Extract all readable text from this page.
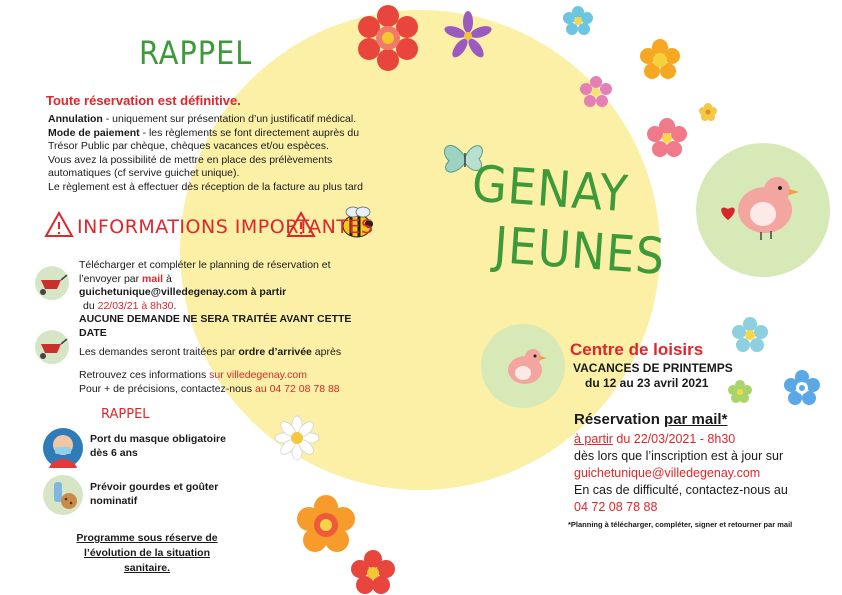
RAPPEL
Toute réservation est définitive.

Annulation - uniquement sur présentation d’un justificatif médical.

Mode de paiement - les règlements se font directement auprès du

Trésor Public par chèque, chèques vacances et/ou espèces.

Vous avez la possibilité de mettre en place des prélèvements

automatiques (cf servive guichet unique).

Le règlement est à effectuer dès réception de la facture au plus tard

INFORMATIONS IMPORTANTES

Télécharger et compléter le planning de réservation et

l’envoyer par mail à

guichetunique@villedegenay.com à partir

du 22/03/21 à 8h30.

AUCUNE DEMANDE NE SERA TRAITÉE AVANT CETTE DATE

Les demandes seront traitées par ordre d’arrivée après

Retrouvez ces informations sur villedegenay.com

Pour + de précisions, contactez-nous au 04 72 08 78 88

RAPPEL

Port du masque obligatoire

dès 6 ans

Prévoir gourdes et goûter

nominatif

Programme sous réserve de

l’évolution de la situation

sanitaire.

GENAY
JEUNES
Centre de loisirs

VACANCES DE PRINTEMPS

du 12 au 23 avril 2021

Réservation par mail*

à partir du 22/03/2021 - 8h30

dès lors que l’inscription est à jour sur

guichetunique@villedegenay.com

En cas de difficulté, contactez-nous au

04 72 08 78 88

*Planning à télécharger, compléter, signer et retourner par mail
